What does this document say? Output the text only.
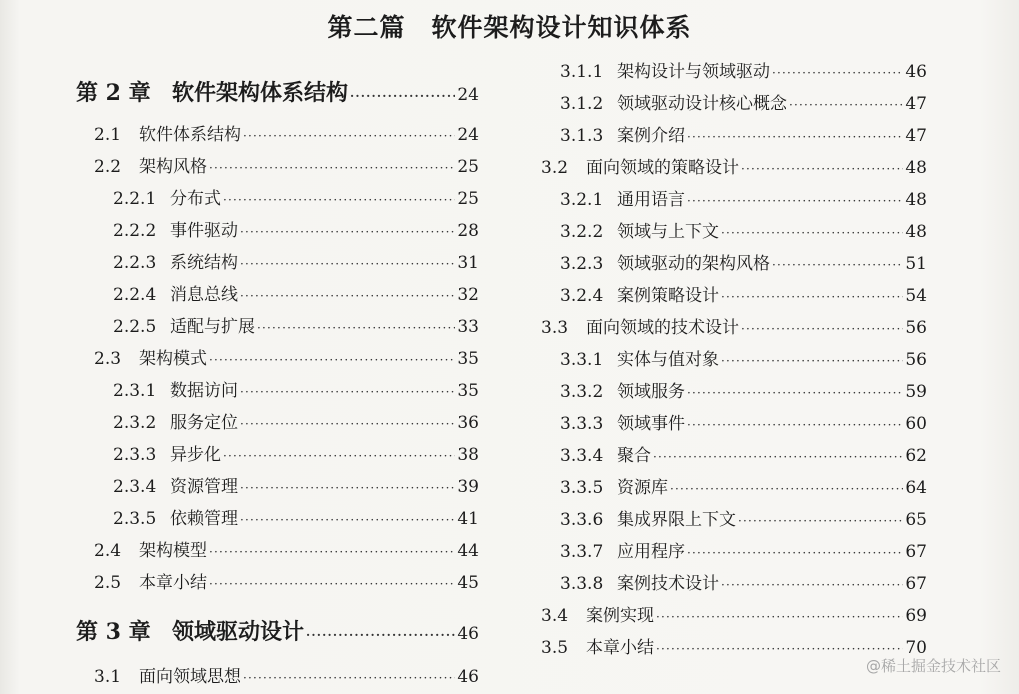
第二篇 软件架构设计知识体系
第 2 章 软件架构体系结构 ·····	24
2.1	软件体系结构 ·····	24
2.2	架构风格 ·····	25
2.2.1 分布式 ·····	25
2.2.2 事件驱动 ·····	28
2.2.3 系统结构 ·····	31
2.2.4 消息总线 ·····	32
2.2.5 适配与扩展 ·····	33
2.3	架构模式 ·····	35
2.3.1 数据访问 ·····	35
2.3.2 服务定位 ·····	36
2.3.3 异步化 ·····	38
2.3.4 资源管理 ·····	39
2.3.5 依赖管理 ·····	41
2.4	架构模型 ·····	44
2.5	本章小结 ·····	45
第 3 章 领域驱动设计 ·····	46
3.1	面向领域思想 ·····	46
3.1.1 架构设计与领域驱动 ·····	46
3.1.2 领域驱动设计核心概念 ·····	47
3.1.3 案例介绍 ·····	47
3.2	面向领域的策略设计 ·····	48
3.2.1 通用语言 ·····	48
3.2.2 领域与上下文 ·····	48
3.2.3 领域驱动的架构风格 ·····	51
3.2.4 案例策略设计 ·····	54
3.3	面向领域的技术设计 ·····	56
3.3.1 实体与值对象 ·····	56
3.3.2 领域服务 ·····	59
3.3.3 领域事件 ·····	60
3.3.4 聚合 ·····	62
3.3.5 资源库 ·····	64
3.3.6 集成界限上下文 ·····	65
3.3.7 应用程序 ·····	67
3.3.8 案例技术设计 ·····	67
3.4	案例实现 ·····	69
3.5	本章小结 ·····	70
@稀土掘金技术社区
